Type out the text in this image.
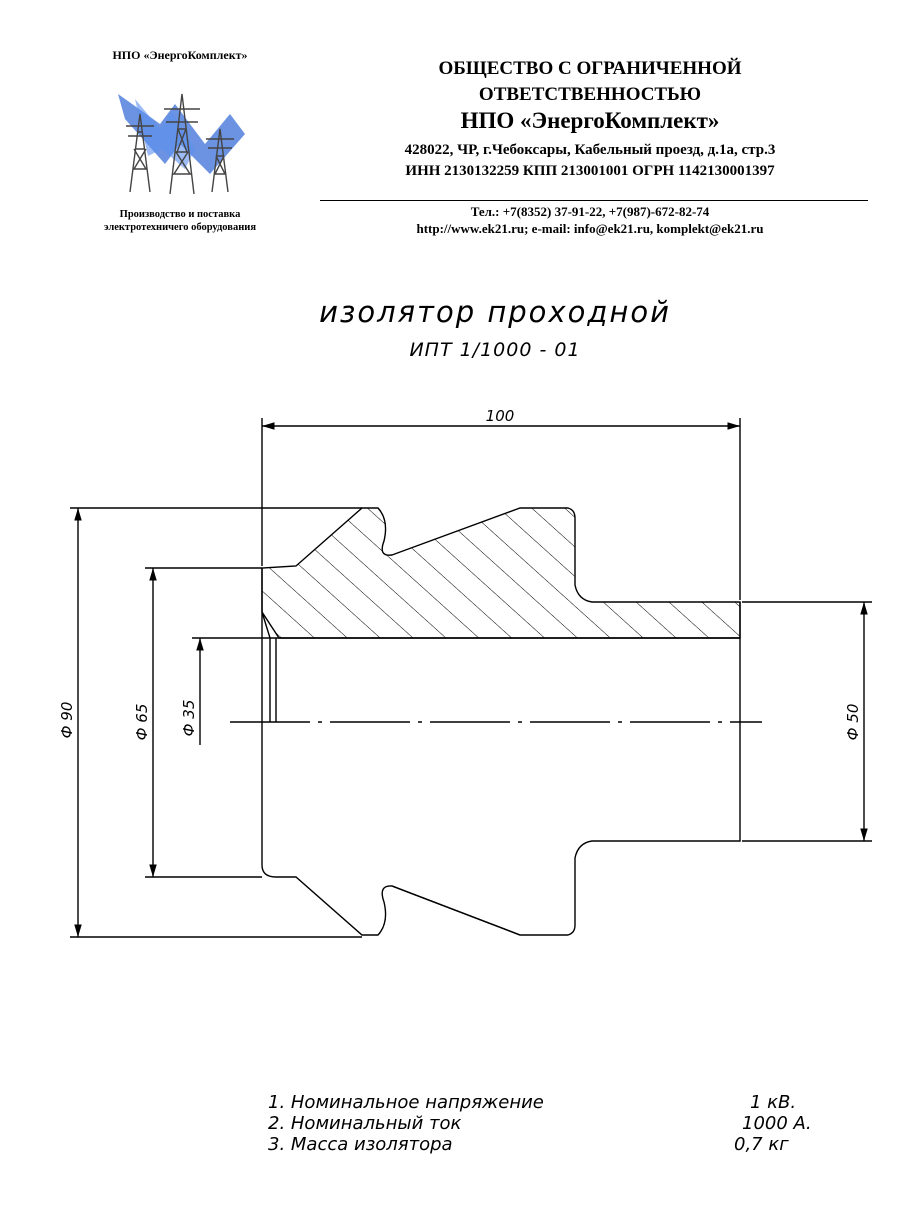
НПО «ЭнергоКомплект»
Производство и поставка
электротехничего оборудования
ОБЩЕСТВО С ОГРАНИЧЕННОЙ
ОТВЕТСТВЕННОСТЬЮ
НПО «ЭнергоКомплект»
428022, ЧР, г.Чебоксары, Кабельный проезд, д.1а, стр.3
ИНН 2130132259 КПП 213001001 ОГРН 1142130001397
Тел.: +7(8352) 37-91-22, +7(987)-672-82-74
http://www.ek21.ru; e-mail: info@ek21.ru, komplekt@ek21.ru
изолятор проходной
ИПТ 1/1000 - 01
100
Ф 90	Ф 65 Ф 35	Ф 50
1. Номинальное напряжение	1 кВ.
2. Номинальный ток	1000 А.
3. Масса изолятора	0,7 кг
